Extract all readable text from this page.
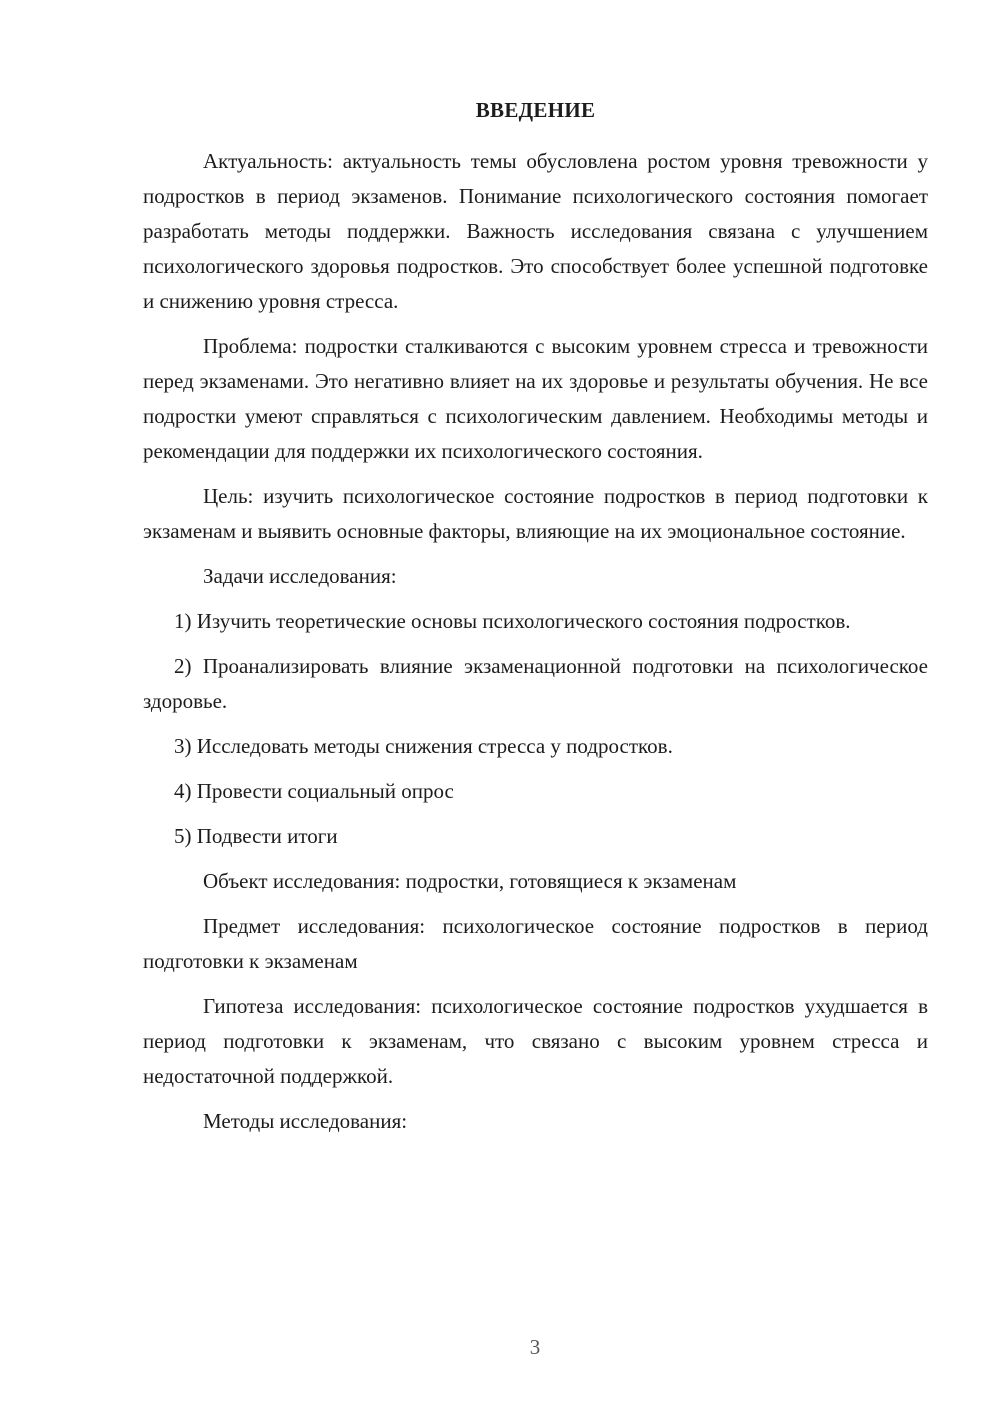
ВВЕДЕНИЕ

Актуальность: актуальность темы обусловлена ростом уровня тревожности у подростков в период экзаменов. Понимание психологического состояния помогает разработать методы поддержки. Важность исследования связана с улучшением психологического здоровья подростков. Это способствует более успешной подготовке и снижению уровня стресса.

Проблема: подростки сталкиваются с высоким уровнем стресса и тревожности перед экзаменами. Это негативно влияет на их здоровье и результаты обучения. Не все подростки умеют справляться с психологическим давлением. Необходимы методы и рекомендации для поддержки их психологического состояния.

Цель: изучить психологическое состояние подростков в период подготовки к экзаменам и выявить основные факторы, влияющие на их эмоциональное состояние.

Задачи исследования:

1) Изучить теоретические основы психологического состояния подростков.

2) Проанализировать влияние экзаменационной подготовки на психологическое здоровье.

3) Исследовать методы снижения стресса у подростков.

4) Провести социальный опрос

5) Подвести итоги

Объект исследования: подростки, готовящиеся к экзаменам

Предмет исследования: психологическое состояние подростков в период подготовки к экзаменам

Гипотеза исследования: психологическое состояние подростков ухудшается в период подготовки к экзаменам, что связано с высоким уровнем стресса и недостаточной поддержкой.

Методы исследования:

3
